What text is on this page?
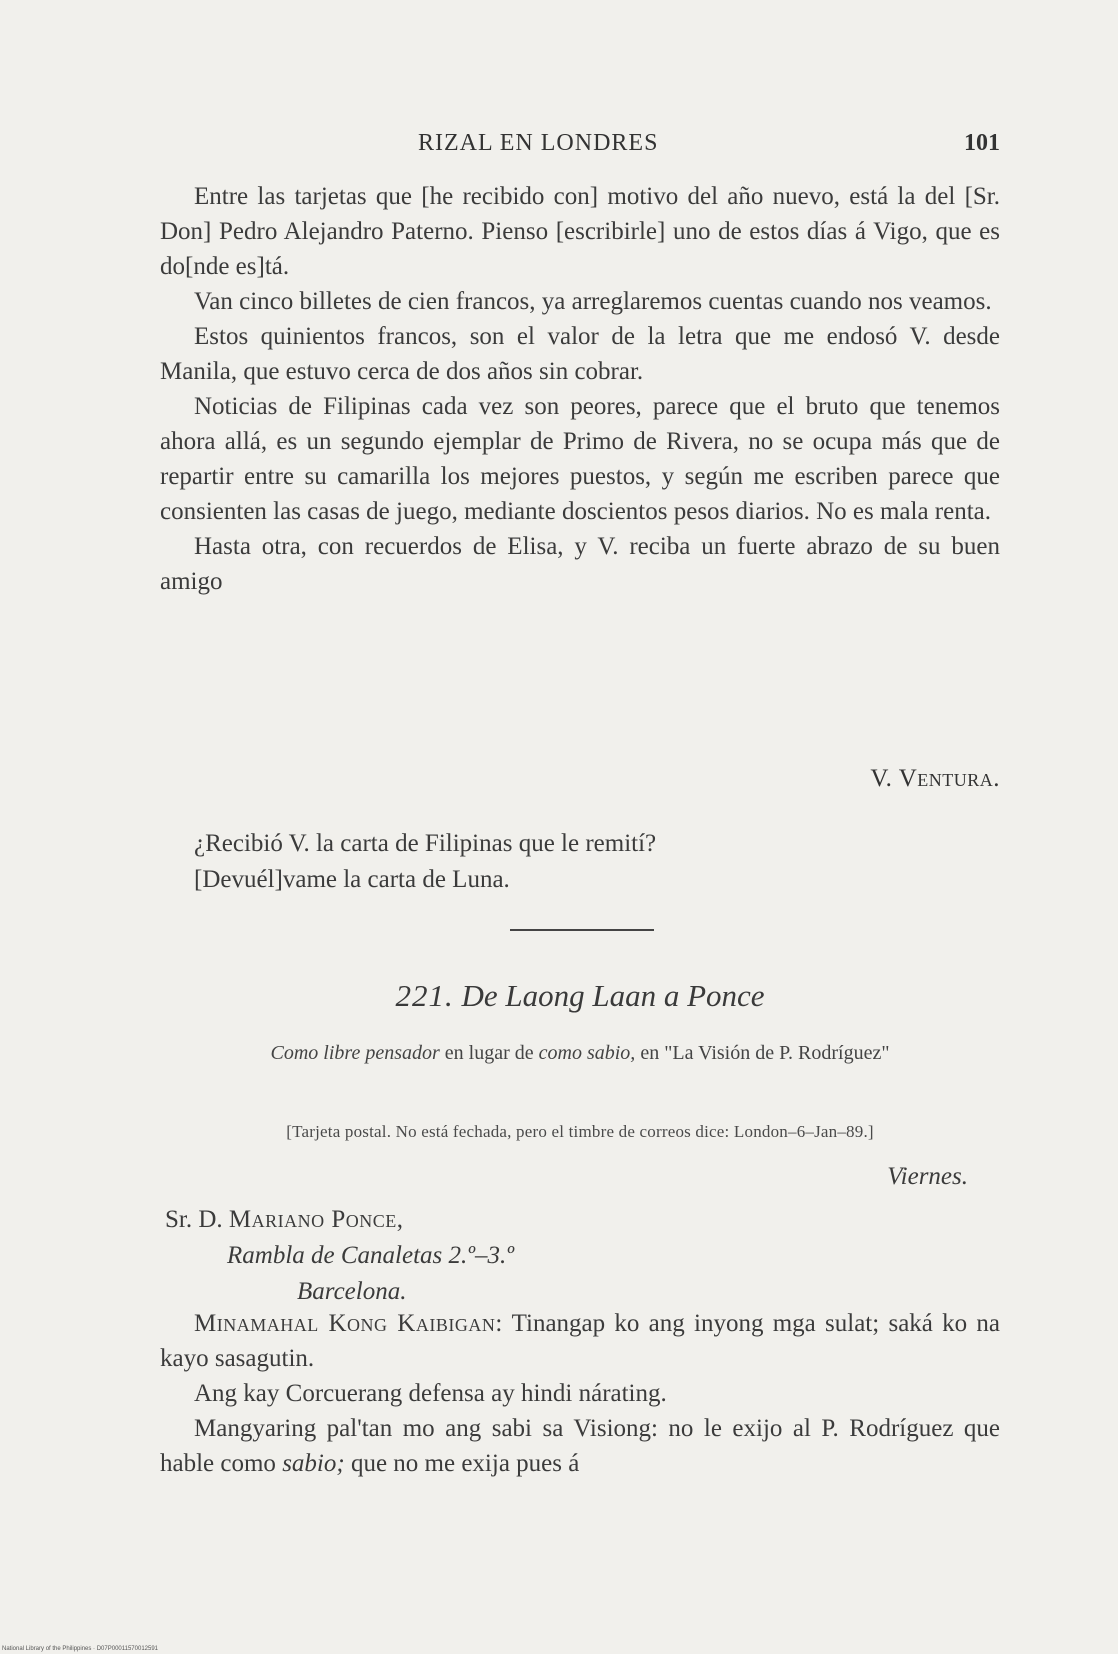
RIZAL EN LONDRES	101

Entre las tarjetas que [he recibido con] motivo del año nuevo, está la del [Sr. Don] Pedro Alejandro Paterno. Pienso [escribirle] uno de estos días á Vigo, que es do[nde es]tá.

Van cinco billetes de cien francos, ya arreglaremos cuentas cuando nos veamos.

Estos quinientos francos, son el valor de la letra que me endosó V. desde Manila, que estuvo cerca de dos años sin cobrar.

Noticias de Filipinas cada vez son peores, parece que el bruto que tenemos ahora allá, es un segundo ejemplar de Primo de Rivera, no se ocupa más que de repartir entre su camarilla los mejores puestos, y según me escriben parece que consienten las casas de juego, mediante doscientos pesos diarios. No es mala renta.

Hasta otra, con recuerdos de Elisa, y V. reciba un fuerte abrazo de su buen amigo

V. Ventura.
¿Recibió V. la carta de Filipinas que le remití?
[Devuél]vame la carta de Luna.
221. De Laong Laan a Ponce
Como libre pensador en lugar de como sabio, en "La Visión de P. Rodríguez"
[Tarjeta postal. No está fechada, pero el timbre de correos dice: London–6–Jan–89.]
Viernes.
Sr. D. Mariano Ponce,
Rambla de Canaletas 2.º–3.º
Barcelona.

Minamahal Kong Kaibigan: Tinangap ko ang inyong mga sulat; saká ko na kayo sasagutin.

Ang kay Corcuerang defensa ay hindi nárating.

Mangyaring pal'tan mo ang sabi sa Visiong: no le exijo al P. Rodríguez que hable como sabio; que no me exija pues á

National Library of the Philippines · D07P00011570012591
